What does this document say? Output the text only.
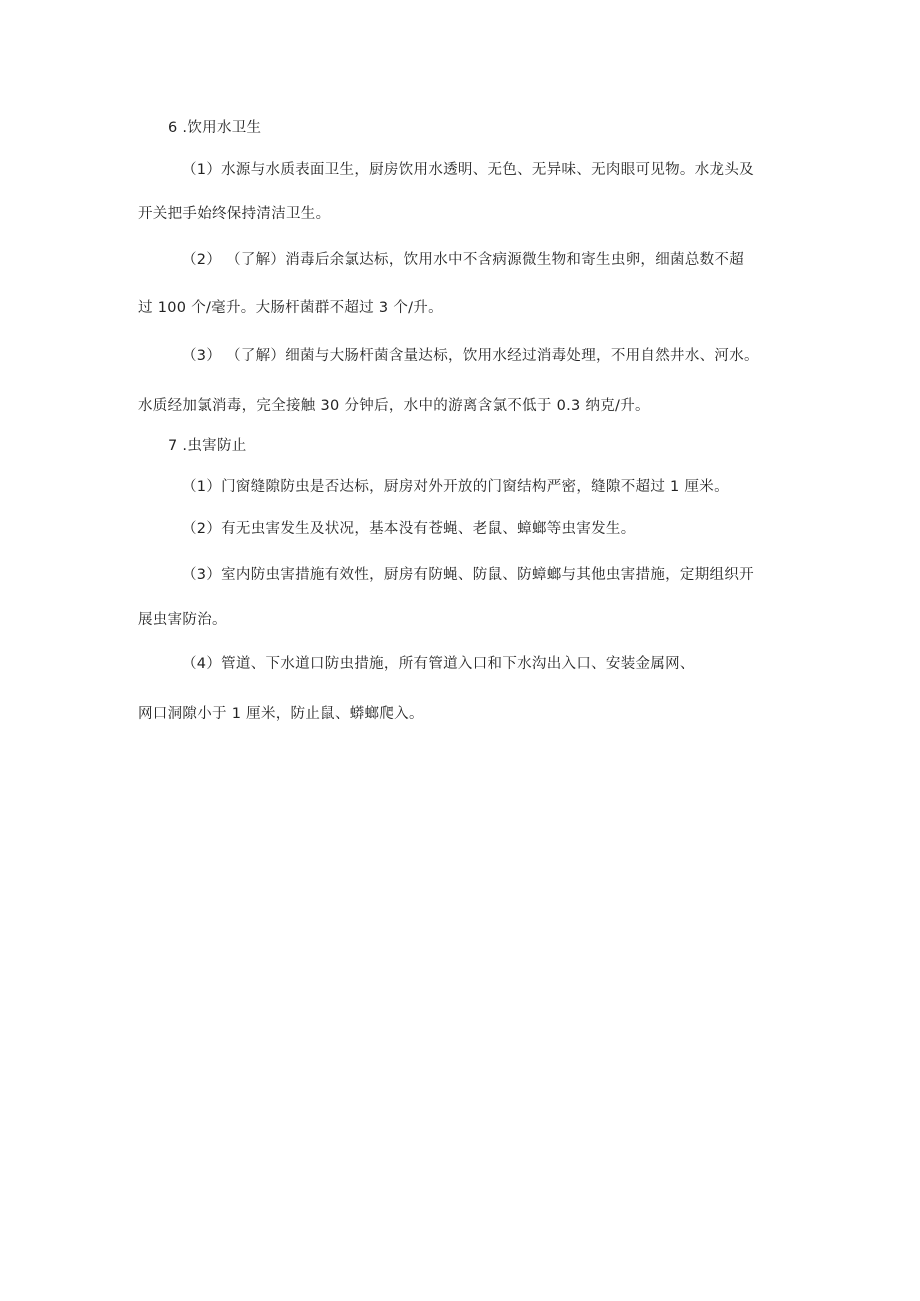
6 .饮用水卫生
（1）水源与水质表面卫生，厨房饮用水透明、无色、无异味、无肉眼可见物。水龙头及
开关把手始终保持清洁卫生。
（2） （了解）消毒后余氯达标，饮用水中不含病源微生物和寄生虫卵，细菌总数不超
过 100 个/毫升。大肠杆菌群不超过 3 个/升。
（3） （了解）细菌与大肠杆菌含量达标，饮用水经过消毒处理，不用自然井水、河水。
水质经加氯消毒，完全接触 30 分钟后，水中的游离含氯不低于 0.3 纳克/升。
7 .虫害防止
（1）门窗缝隙防虫是否达标，厨房对外开放的门窗结构严密，缝隙不超过 1 厘米。
（2）有无虫害发生及状况，基本没有苍蝇、老鼠、蟑螂等虫害发生。
（3）室内防虫害措施有效性，厨房有防蝇、防鼠、防蟑螂与其他虫害措施，定期组织开
展虫害防治。
（4）管道、下水道口防虫措施，所有管道入口和下水沟出入口、安装金属网、
网口洞隙小于 1 厘米，防止鼠、蟒螂爬入。
